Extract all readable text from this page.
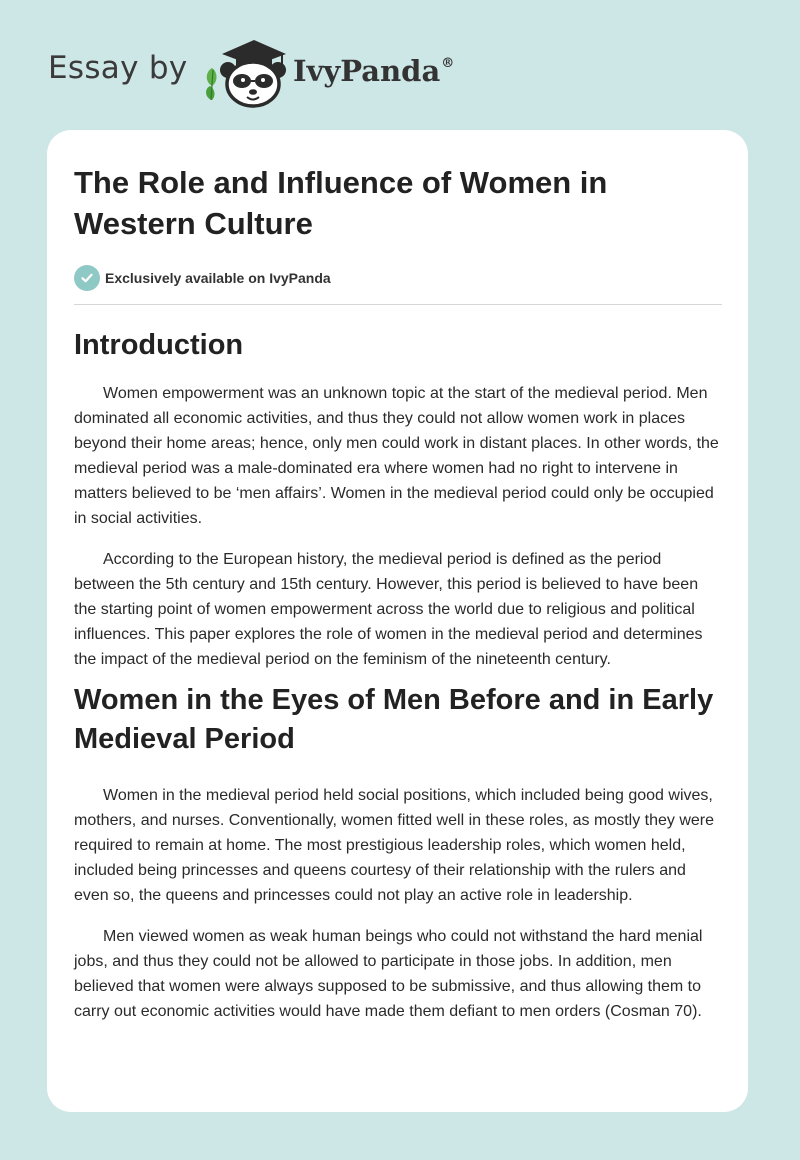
Essay by	IvyPanda®
The Role and Influence of Women in Western Culture
Exclusively available on IvyPanda
Introduction

Women empowerment was an unknown topic at the start of the medieval period. Men dominated all economic activities, and thus they could not allow women work in places beyond their home areas; hence, only men could work in distant places. In other words, the medieval period was a male-dominated era where women had no right to intervene in matters believed to be ‘men affairs’. Women in the medieval period could only be occupied in social activities.

According to the European history, the medieval period is defined as the period between the 5th century and 15th century. However, this period is believed to have been the starting point of women empowerment across the world due to religious and political influences. This paper explores the role of women in the medieval period and determines the impact of the medieval period on the feminism of the nineteenth century.

Women in the Eyes of Men Before and in Early Medieval Period

Women in the medieval period held social positions, which included being good wives, mothers, and nurses. Conventionally, women fitted well in these roles, as mostly they were required to remain at home. The most prestigious leadership roles, which women held, included being princesses and queens courtesy of their relationship with the rulers and even so, the queens and princesses could not play an active role in leadership.

Men viewed women as weak human beings who could not withstand the hard menial jobs, and thus they could not be allowed to participate in those jobs. In addition, men believed that women were always supposed to be submissive, and thus allowing them to carry out economic activities would have made them defiant to men orders (Cosman 70).
